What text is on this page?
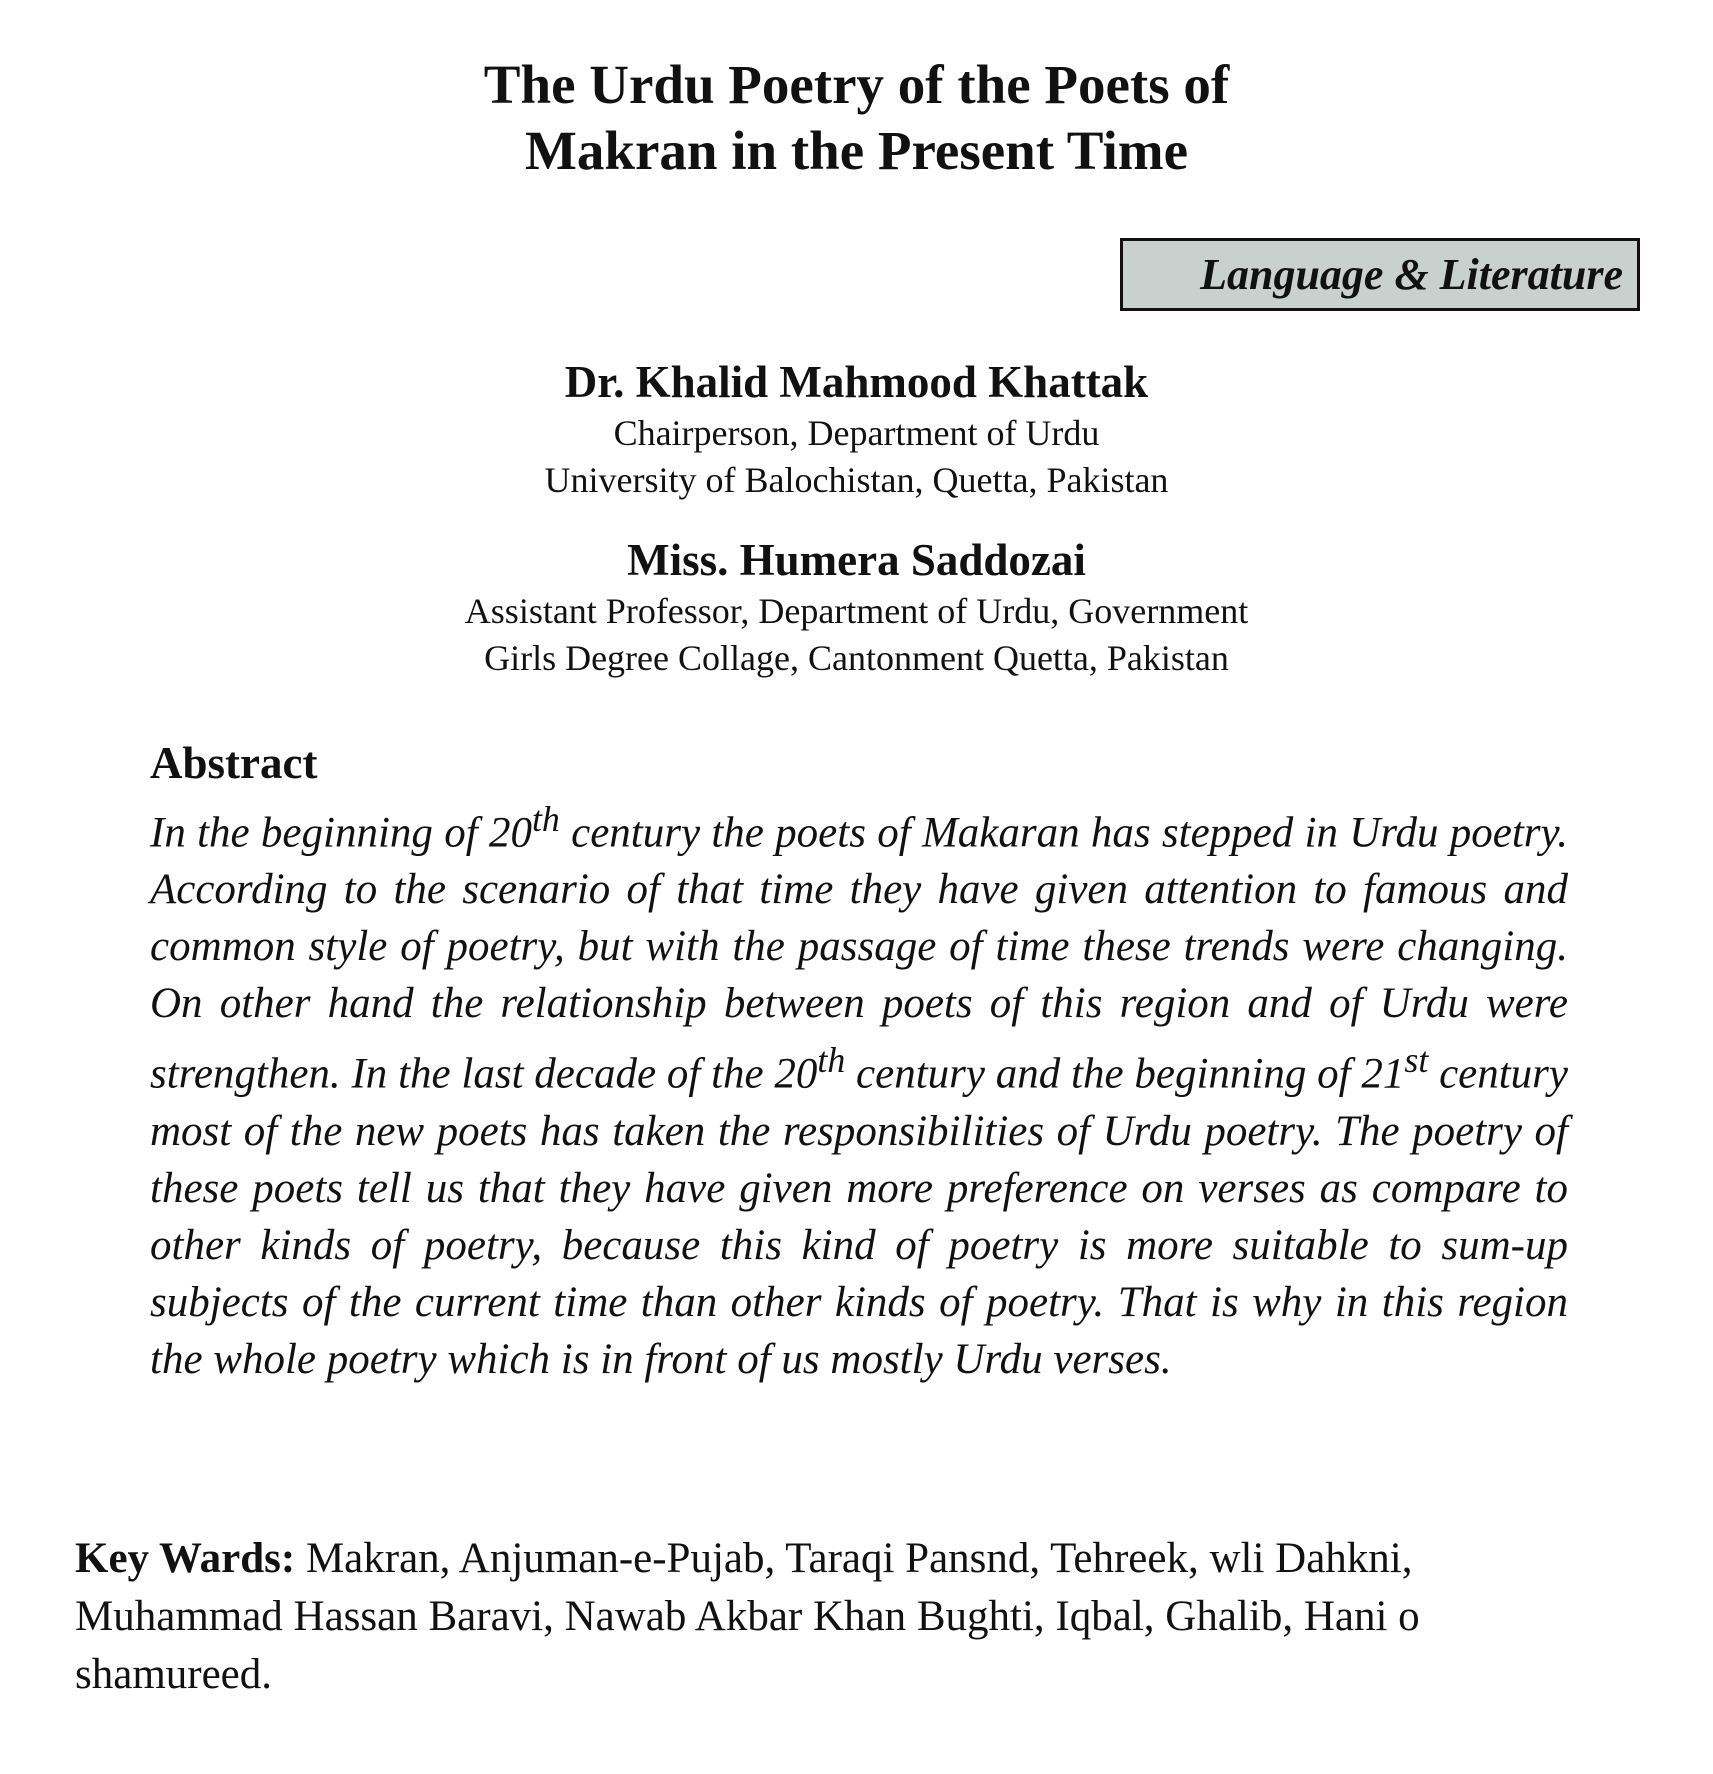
The Urdu Poetry of the Poets of
Makran in the Present Time
Language & Literature
Dr. Khalid Mahmood Khattak
Chairperson, Department of Urdu
University of Balochistan, Quetta, Pakistan
Miss. Humera Saddozai
Assistant Professor, Department of Urdu, Government
Girls Degree Collage, Cantonment Quetta, Pakistan
Abstract

In the beginning of 20th century the poets of Makaran has stepped in Urdu poetry. According to the scenario of that time they have given attention to famous and common style of poetry, but with the passage of time these trends were changing. On other hand the relationship between poets of this region and of Urdu were strengthen. In the last decade of the 20th century and the beginning of 21st century most of the new poets has taken the responsibilities of Urdu poetry. The poetry of these poets tell us that they have given more preference on verses as compare to other kinds of poetry, because this kind of poetry is more suitable to sum-up subjects of the current time than other kinds of poetry. That is why in this region the whole poetry which is in front of us mostly Urdu verses.

Key Wards: Makran, Anjuman-e-Pujab, Taraqi Pansnd, Tehreek, wli Dahkni, Muhammad Hassan Baravi, Nawab Akbar Khan Bughti, Iqbal, Ghalib, Hani o shamureed.
